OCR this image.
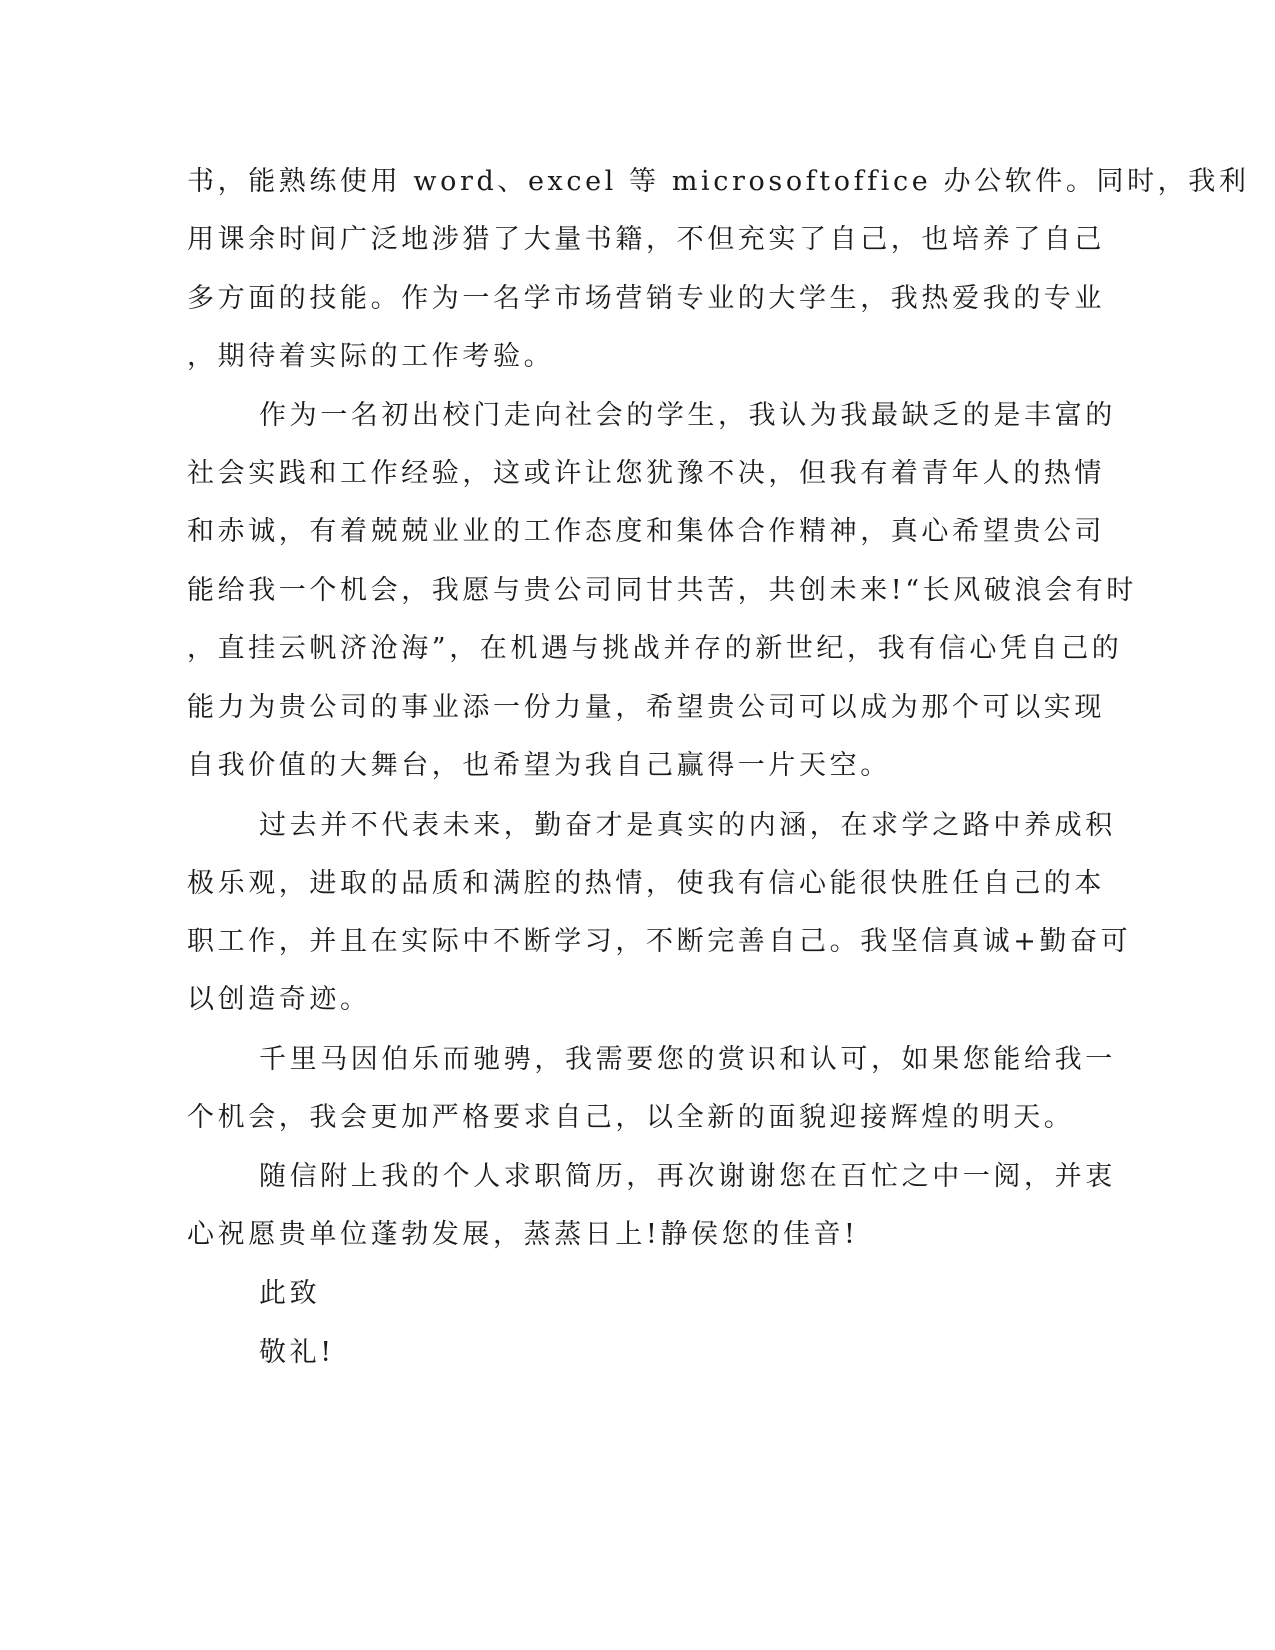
书，能熟练使用 word、excel 等 microsoftoffice 办公软件。同时，我利
用课余时间广泛地涉猎了大量书籍，不但充实了自己，也培养了自己
多方面的技能。作为一名学市场营销专业的大学生，我热爱我的专业
，期待着实际的工作考验。
作为一名初出校门走向社会的学生，我认为我最缺乏的是丰富的
社会实践和工作经验，这或许让您犹豫不决，但我有着青年人的热情
和赤诚，有着兢兢业业的工作态度和集体合作精神，真心希望贵公司
能给我一个机会，我愿与贵公司同甘共苦，共创未来!“长风破浪会有时
，直挂云帆济沧海”，在机遇与挑战并存的新世纪，我有信心凭自己的
能力为贵公司的事业添一份力量，希望贵公司可以成为那个可以实现
自我价值的大舞台，也希望为我自己赢得一片天空。
过去并不代表未来，勤奋才是真实的内涵，在求学之路中养成积
极乐观，进取的品质和满腔的热情，使我有信心能很快胜任自己的本
职工作，并且在实际中不断学习，不断完善自己。我坚信真诚+勤奋可
以创造奇迹。
千里马因伯乐而驰骋，我需要您的赏识和认可，如果您能给我一
个机会，我会更加严格要求自己，以全新的面貌迎接辉煌的明天。
随信附上我的个人求职简历，再次谢谢您在百忙之中一阅，并衷
心祝愿贵单位蓬勃发展，蒸蒸日上!静侯您的佳音!
此致
敬礼!
